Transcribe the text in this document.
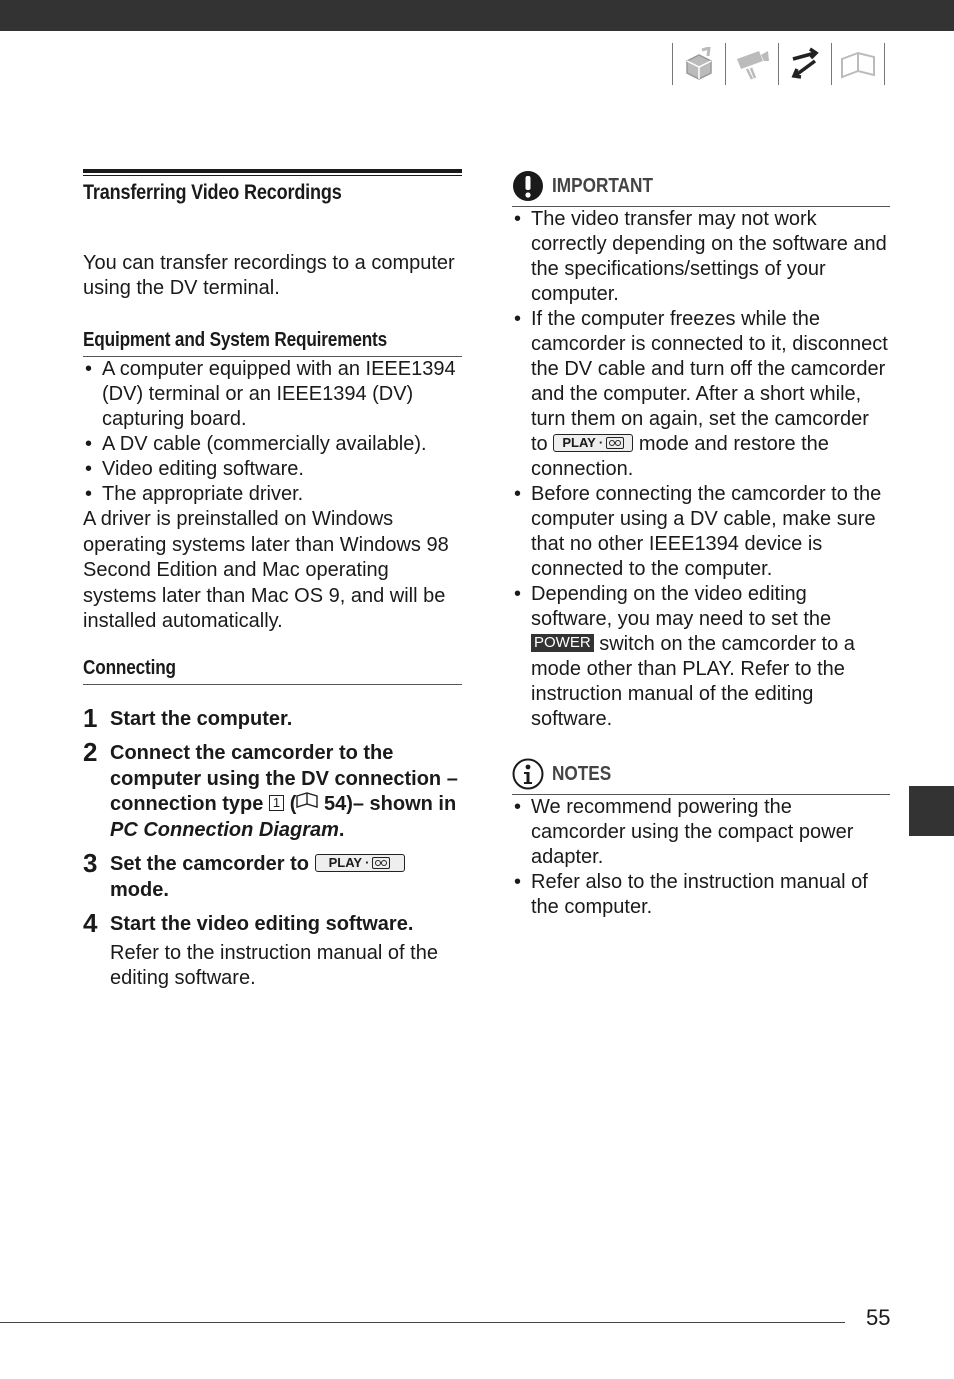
Transferring Video Recordings
You can transfer recordings to a computer using the DV terminal.
Equipment and System Requirements
• A computer equipped with an IEEE1394 (DV) terminal or an IEEE1394 (DV) capturing board.
• A DV cable (commercially available).
• Video editing software.
• The appropriate driver.
A driver is preinstalled on Windows operating systems later than Windows 98 Second Edition and Mac operating systems later than Mac OS 9, and will be installed automatically.
Connecting
1 Start the computer.
2 Connect the camcorder to the computer using the DV connection –connection type 1 ( 54)– shown in PC Connection Diagram.
3 Set the camcorder to PLAY ·

mode.
4 Start the video editing software.
Refer to the instruction manual of the editing software.
IMPORTANT
• The video transfer may not work correctly depending on the software and the specifications/settings of your computer.
• If the computer freezes while the camcorder is connected to it, disconnect the DV cable and turn off the camcorder and the computer. After a short while, turn them on again, set the camcorder to PLAY · mode and restore the connection.
• Before connecting the camcorder to the computer using a DV cable, make sure that no other IEEE1394 device is connected to the computer.
• Depending on the video editing software, you may need to set the POWER switch on the camcorder to a mode other than PLAY. Refer to the instruction manual of the editing software.
NOTES
• We recommend powering the camcorder using the compact power adapter.
• Refer also to the instruction manual of the computer.
55
